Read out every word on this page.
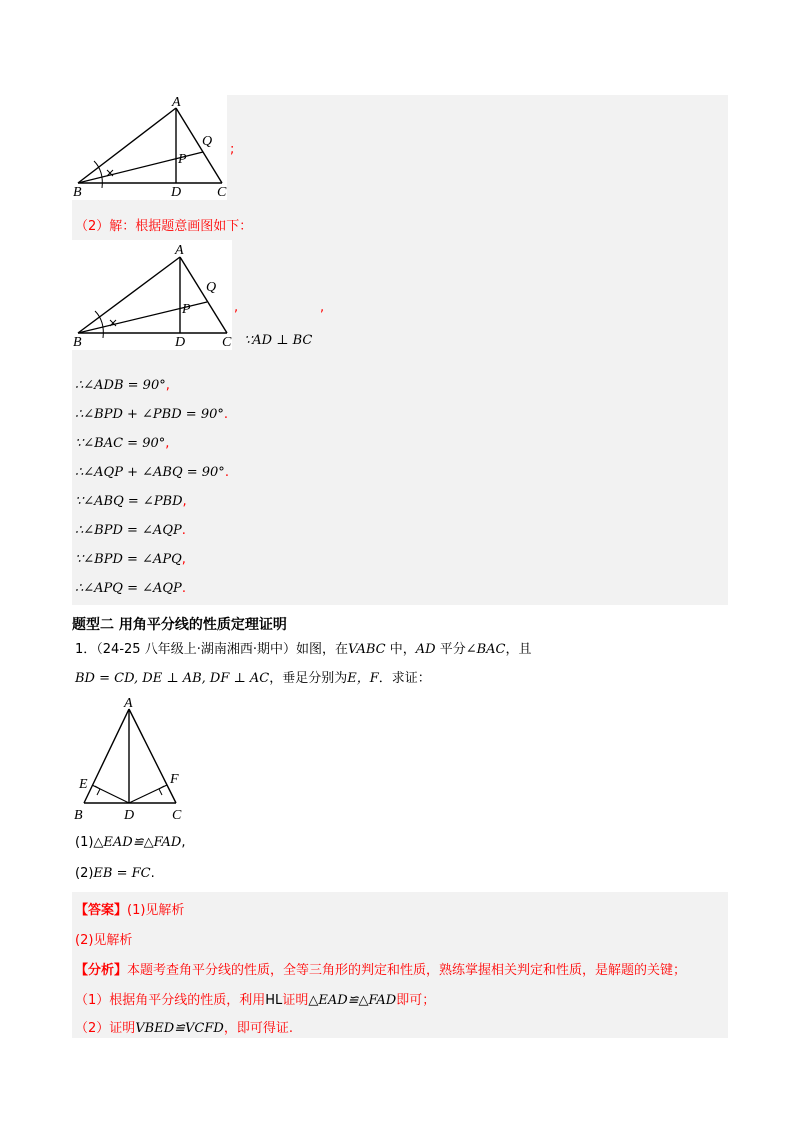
A
Q
P
B	D	C
;
（2）解：根据题意画图如下：
A
Q
P
B	D	C
,	,
∵AD ⊥ BC
∴∠ADB = 90°,
∴∠BPD + ∠PBD = 90°.
∵∠BAC = 90°,
∴∠AQP + ∠ABQ = 90°.
∵∠ABQ = ∠PBD,
∴∠BPD = ∠AQP.
∵∠BPD = ∠APQ,
∴∠APQ = ∠AQP.
题型二 用角平分线的性质定理证明
1．（24-25 八年级上·湖南湘西·期中）如图，在VABC 中，AD 平分∠BAC，且
BD = CD, DE ⊥ AB, DF ⊥ AC，垂足分别为E，F．求证：
A
E	F
B	D	C
(1)△EAD≌△FAD,
(2)EB = FC.
【答案】(1)见解析
(2)见解析
【分析】本题考查角平分线的性质，全等三角形的判定和性质，熟练掌握相关判定和性质，是解题的关键；
（1）根据角平分线的性质，利用HL证明△EAD≌△FAD即可；
（2）证明VBED≌VCFD，即可得证.
